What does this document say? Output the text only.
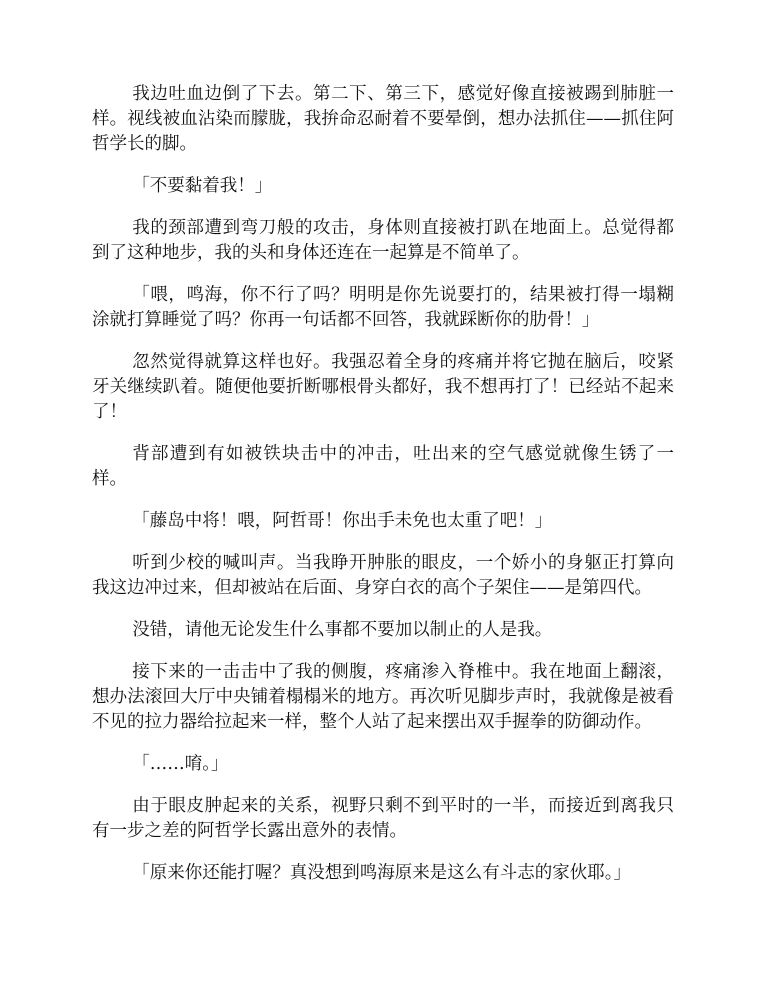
我边吐血边倒了下去。第二下、第三下，感觉好像直接被踢到肺脏一样。视线被血沾染而朦胧，我拚命忍耐着不要晕倒，想办法抓住——抓住阿哲学长的脚。

「不要黏着我！」

我的颈部遭到弯刀般的攻击，身体则直接被打趴在地面上。总觉得都到了这种地步，我的头和身体还连在一起算是不简单了。

「喂，鸣海，你不行了吗？明明是你先说要打的，结果被打得一塌糊涂就打算睡觉了吗？你再一句话都不回答，我就踩断你的肋骨！」

忽然觉得就算这样也好。我强忍着全身的疼痛并将它抛在脑后，咬紧牙关继续趴着。随便他要折断哪根骨头都好，我不想再打了！已经站不起来了！

背部遭到有如被铁块击中的冲击，吐出来的空气感觉就像生锈了一样。

「藤岛中将！喂，阿哲哥！你出手未免也太重了吧！」

听到少校的喊叫声。当我睁开肿胀的眼皮，一个娇小的身躯正打算向我这边冲过来，但却被站在后面、身穿白衣的高个子架住——是第四代。

没错，请他无论发生什么事都不要加以制止的人是我。

接下来的一击击中了我的侧腹，疼痛渗入脊椎中。我在地面上翻滚，想办法滚回大厅中央铺着榻榻米的地方。再次听见脚步声时，我就像是被看不见的拉力器给拉起来一样，整个人站了起来摆出双手握拳的防御动作。

「……唷。」

由于眼皮肿起来的关系，视野只剩不到平时的一半，而接近到离我只有一步之差的阿哲学长露出意外的表情。

「原来你还能打喔？真没想到鸣海原来是这么有斗志的家伙耶。」
